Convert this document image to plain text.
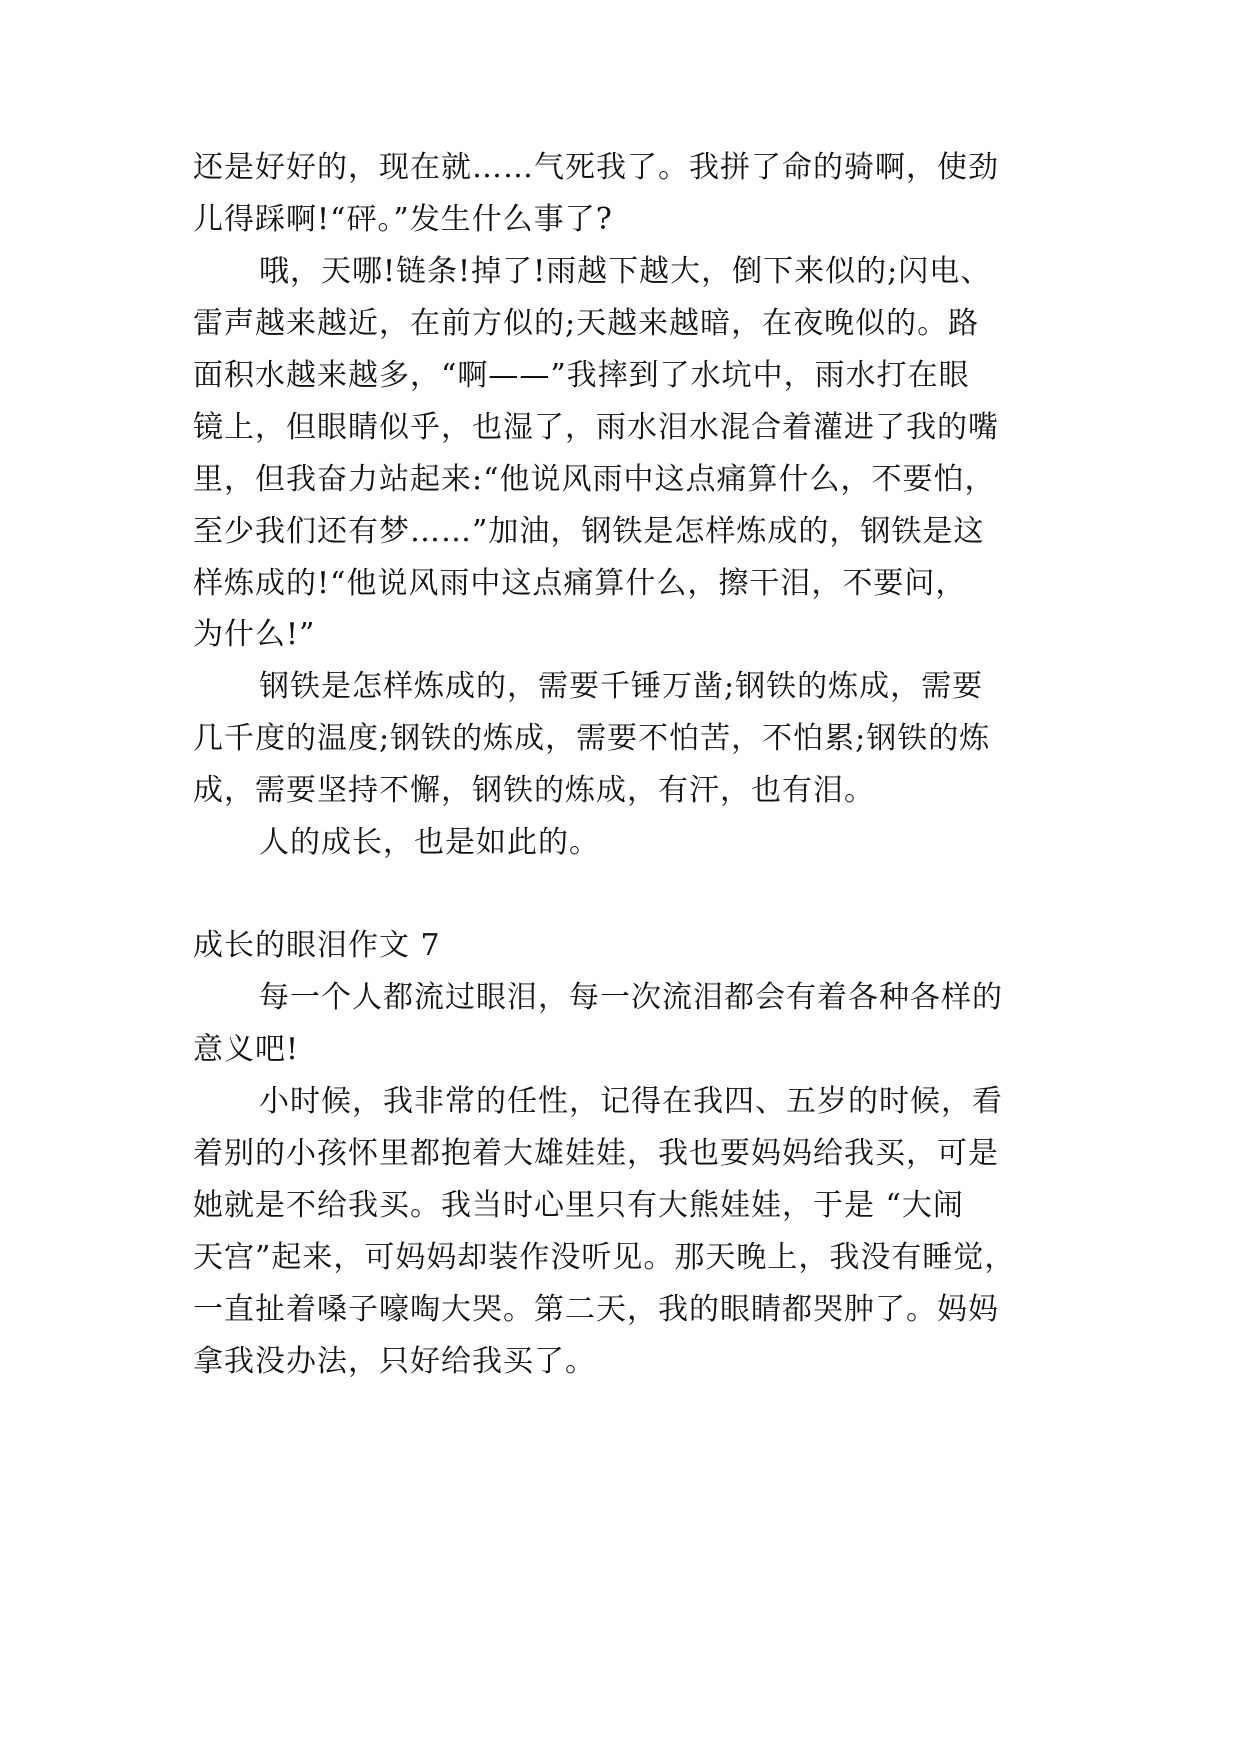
还是好好的，现在就……气死我了。我拼了命的骑啊，使劲
儿得踩啊!“砰。”发生什么事了?
哦，天哪!链条!掉了!雨越下越大，倒下来似的;闪电、
雷声越来越近，在前方似的;天越来越暗，在夜晚似的。路
面积水越来越多，“啊——”我摔到了水坑中，雨水打在眼
镜上，但眼睛似乎，也湿了，雨水泪水混合着灌进了我的嘴
里，但我奋力站起来:“他说风雨中这点痛算什么，不要怕，
至少我们还有梦……”加油，钢铁是怎样炼成的，钢铁是这
样炼成的!“他说风雨中这点痛算什么，擦干泪，不要问，
为什么!”
钢铁是怎样炼成的，需要千锤万凿;钢铁的炼成，需要
几千度的温度;钢铁的炼成，需要不怕苦，不怕累;钢铁的炼
成，需要坚持不懈，钢铁的炼成，有汗，也有泪。
人的成长，也是如此的。
成长的眼泪作文 7
每一个人都流过眼泪，每一次流泪都会有着各种各样的
意义吧!
小时候，我非常的任性，记得在我四、五岁的时候，看
着别的小孩怀里都抱着大雄娃娃，我也要妈妈给我买，可是
她就是不给我买。我当时心里只有大熊娃娃，于是 “大闹
天宫”起来，可妈妈却装作没听见。那天晚上，我没有睡觉，
一直扯着嗓子嚎啕大哭。第二天，我的眼睛都哭肿了。妈妈
拿我没办法，只好给我买了。
